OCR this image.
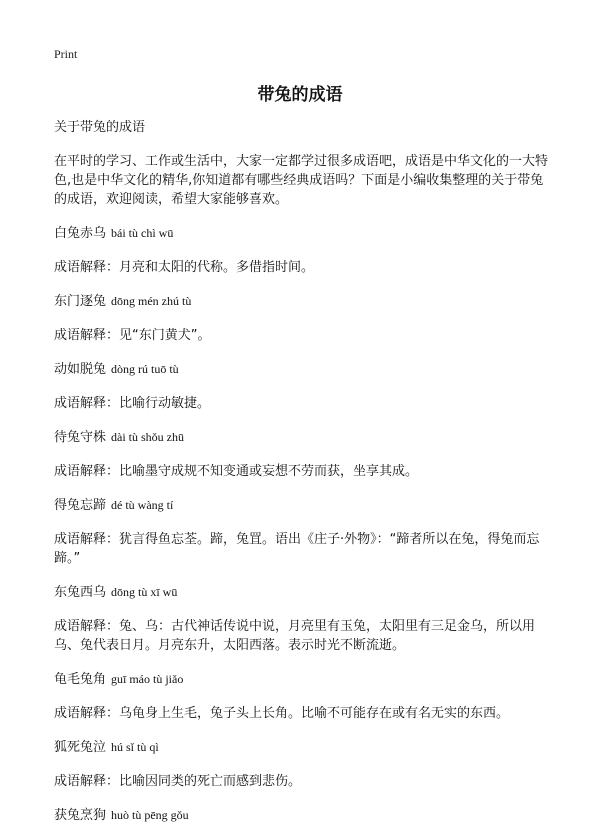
Print
带兔的成语

关于带兔的成语

在平时的学习、工作或生活中，大家一定都学过很多成语吧，成语是中华文化的一大特色,也是中华文化的精华,你知道都有哪些经典成语吗？下面是小编收集整理的关于带兔的成语，欢迎阅读，希望大家能够喜欢。

白兔赤乌 bái tù chì wū

成语解释：月亮和太阳的代称。多借指时间。

东门逐兔 dōng mén zhú tù

成语解释：见“东门黄犬”。

动如脱兔 dòng rú tuō tù

成语解释：比喻行动敏捷。

待兔守株 dài tù shǒu zhū

成语解释：比喻墨守成规不知变通或妄想不劳而获，坐享其成。

得兔忘蹄 dé tù wàng tí

成语解释：犹言得鱼忘荃。蹄，兔罝。语出《庄子·外物》：“蹄者所以在兔，得兔而忘蹄。”

东兔西乌 dōng tù xī wū

成语解释：兔、乌：古代神话传说中说，月亮里有玉兔，太阳里有三足金乌，所以用乌、兔代表日月。月亮东升，太阳西落。表示时光不断流逝。

龟毛兔角 guī máo tù jiǎo

成语解释：乌龟身上生毛，兔子头上长角。比喻不可能存在或有名无实的东西。

狐死兔泣 hú sǐ tù qì

成语解释：比喻因同类的死亡而感到悲伤。

获兔烹狗 huò tù pēng gǒu
